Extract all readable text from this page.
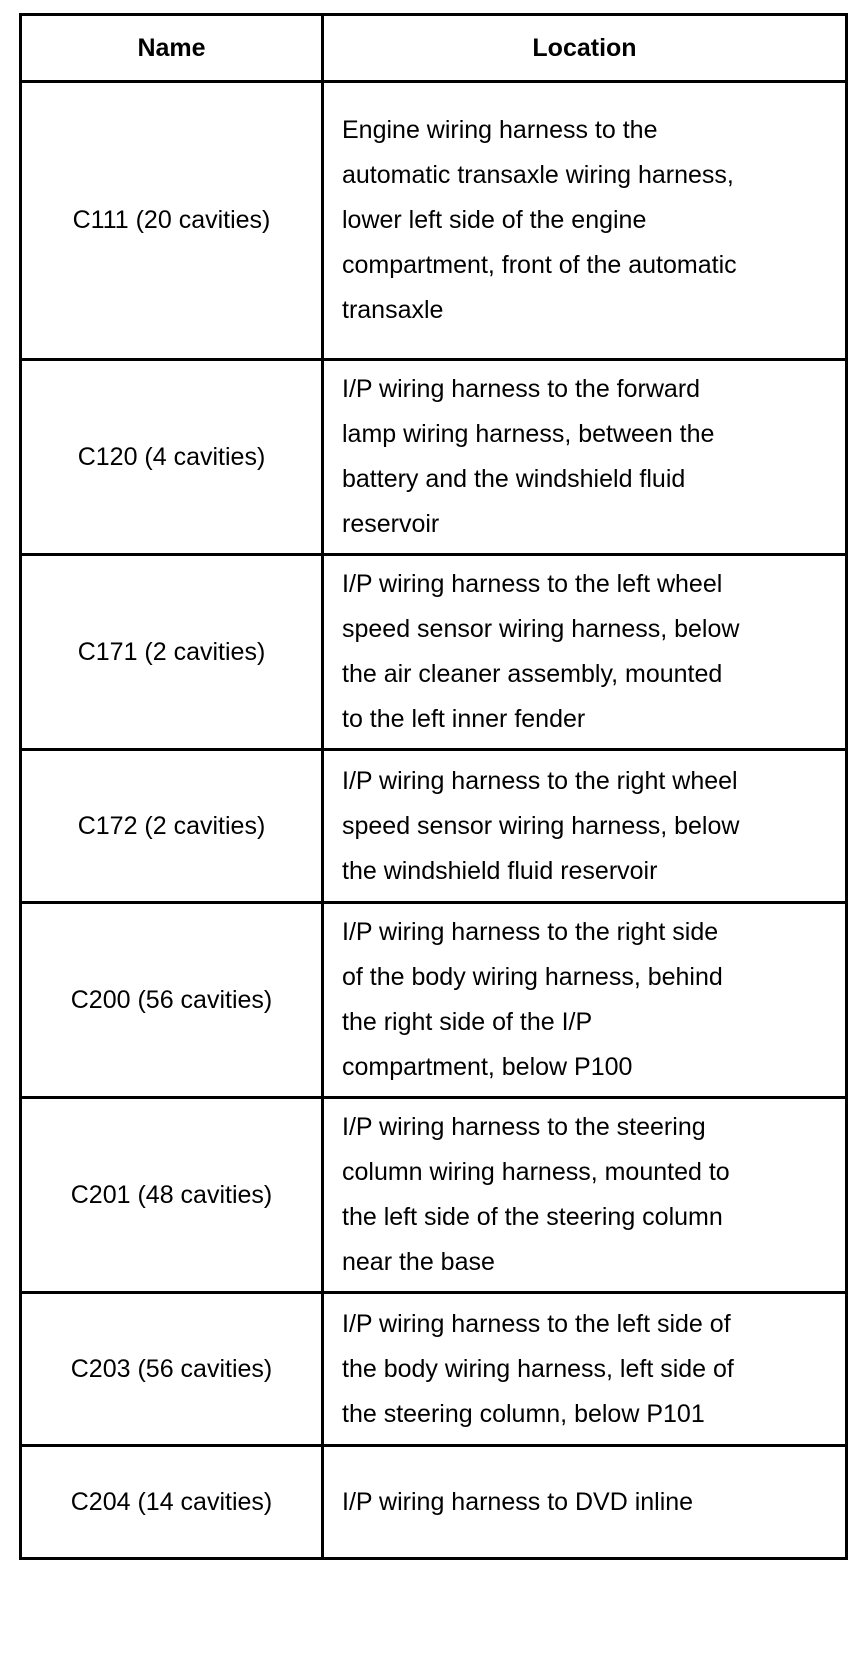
Name	Location
C111 (20 cavities)	Engine wiring harness to the
automatic transaxle wiring harness,
lower left side of the engine
compartment, front of the automatic
transaxle
C120 (4 cavities)	I/P wiring harness to the forward
lamp wiring harness, between the
battery and the windshield fluid
reservoir
C171 (2 cavities)	I/P wiring harness to the left wheel
speed sensor wiring harness, below
the air cleaner assembly, mounted
to the left inner fender
C172 (2 cavities)	I/P wiring harness to the right wheel
speed sensor wiring harness, below
the windshield fluid reservoir
C200 (56 cavities)	I/P wiring harness to the right side
of the body wiring harness, behind
the right side of the I/P
compartment, below P100
C201 (48 cavities)	I/P wiring harness to the steering
column wiring harness, mounted to
the left side of the steering column
near the base
C203 (56 cavities)	I/P wiring harness to the left side of
the body wiring harness, left side of
the steering column, below P101
C204 (14 cavities)	I/P wiring harness to DVD inline
